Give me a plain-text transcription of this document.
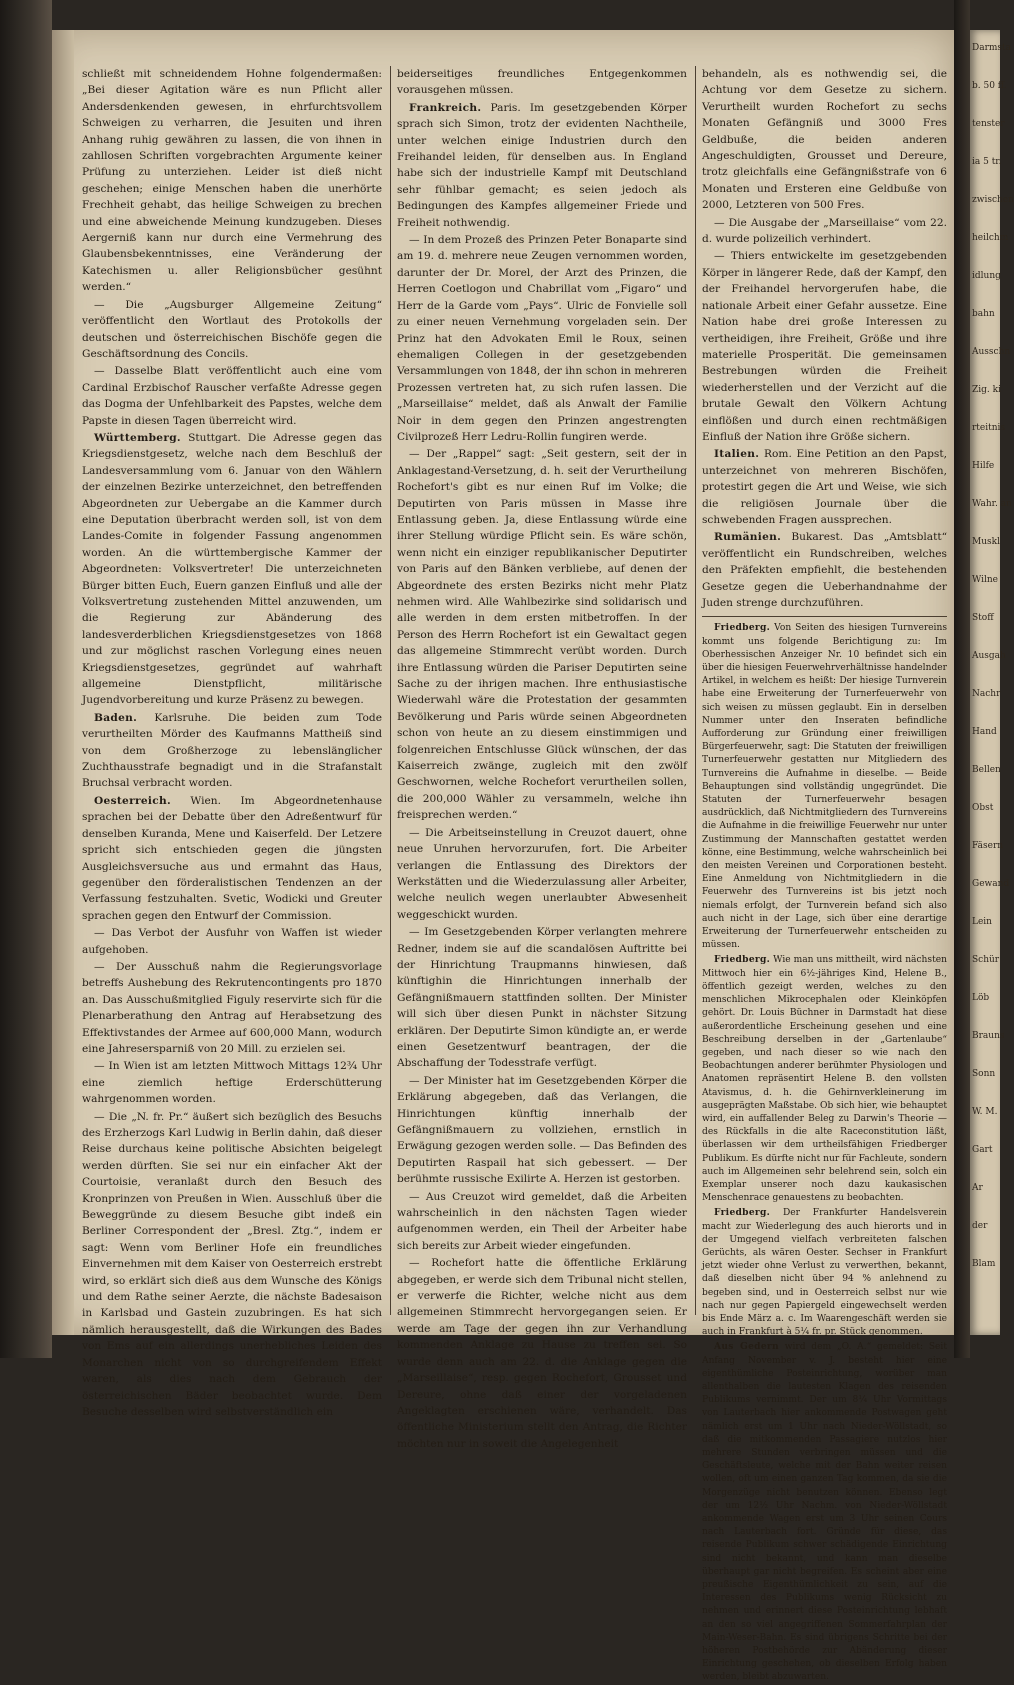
Darmsta
b. 50 ff.
tenster
ia 5 tr.
zwischen
heilchm
idlung
bahn
Ausschn
Zig. ki
rteitnis
Hilfe
Wahr. an
Muskl
Wilne
Stoff
Ausgah
Nachr
Hand
Bellen
Obst
Fäsern
Gewand
Lein
Schür
Löb
Brauns
Sonn
W. M.
Gart
Ar
der
Blam

schließt mit schneidendem Hohne folgendermaßen: „Bei dieser Agitation wäre es nun Pflicht aller Andersdenkenden gewesen, in ehrfurchtsvollem Schweigen zu verharren, die Jesuiten und ihren Anhang ruhig gewähren zu lassen, die von ihnen in zahllosen Schriften vorgebrachten Argumente keiner Prüfung zu unterziehen. Leider ist dieß nicht geschehen; einige Menschen haben die unerhörte Frechheit gehabt, das heilige Schweigen zu brechen und eine abweichende Meinung kundzugeben. Dieses Aergerniß kann nur durch eine Vermehrung des Glaubensbekenntnisses, eine Veränderung der Katechismen u. aller Religionsbücher gesühnt werden.“

— Die „Augsburger Allgemeine Zeitung“ veröffentlicht den Wortlaut des Protokolls der deutschen und österreichischen Bischöfe gegen die Geschäftsordnung des Concils.

— Dasselbe Blatt veröffentlicht auch eine vom Cardinal Erzbischof Rauscher verfaßte Adresse gegen das Dogma der Unfehlbarkeit des Papstes, welche dem Papste in diesen Tagen überreicht wird.

Württemberg. Stuttgart. Die Adresse gegen das Kriegsdienstgesetz, welche nach dem Beschluß der Landesversammlung vom 6. Januar von den Wählern der einzelnen Bezirke unterzeichnet, den betreffenden Abgeordneten zur Uebergabe an die Kammer durch eine Deputation überbracht werden soll, ist von dem Landes-Comite in folgender Fassung angenommen worden. An die württembergische Kammer der Abgeordneten: Volksvertreter! Die unterzeichneten Bürger bitten Euch, Euern ganzen Einfluß und alle der Volksvertretung zustehenden Mittel anzuwenden, um die Regierung zur Abänderung des landesverderblichen Kriegsdienstgesetzes von 1868 und zur möglichst raschen Vorlegung eines neuen Kriegsdienstgesetzes, gegründet auf wahrhaft allgemeine Dienstpflicht, militärische Jugendvorbereitung und kurze Präsenz zu bewegen.

Baden. Karlsruhe. Die beiden zum Tode verurtheilten Mörder des Kaufmanns Mattheiß sind von dem Großherzoge zu lebenslänglicher Zuchthausstrafe begnadigt und in die Strafanstalt Bruchsal verbracht worden.

Oesterreich. Wien. Im Abgeordnetenhause sprachen bei der Debatte über den Adreßentwurf für denselben Kuranda, Mene und Kaiserfeld. Der Letzere spricht sich entschieden gegen die jüngsten Ausgleichsversuche aus und ermahnt das Haus, gegenüber den förderalistischen Tendenzen an der Verfassung festzuhalten. Svetic, Wodicki und Greuter sprachen gegen den Entwurf der Commission.

— Das Verbot der Ausfuhr von Waffen ist wieder aufgehoben.

— Der Ausschuß nahm die Regierungsvorlage betreffs Aushebung des Rekrutencontingents pro 1870 an. Das Ausschußmitglied Figuly reservirte sich für die Plenarberathung den Antrag auf Herabsetzung des Effektivstandes der Armee auf 600,000 Mann, wodurch eine Jahresersparniß von 20 Mill. zu erzielen sei.

— In Wien ist am letzten Mittwoch Mittags 12¾ Uhr eine ziemlich heftige Erderschütterung wahrgenommen worden.

— Die „N. fr. Pr.“ äußert sich bezüglich des Besuchs des Erzherzogs Karl Ludwig in Berlin dahin, daß dieser Reise durchaus keine politische Absichten beigelegt werden dürften. Sie sei nur ein einfacher Akt der Courtoisie, veranlaßt durch den Besuch des Kronprinzen von Preußen in Wien. Ausschluß über die Beweggründe zu diesem Besuche gibt indeß ein Berliner Correspondent der „Bresl. Ztg.“, indem er sagt: Wenn vom Berliner Hofe ein freundliches Einvernehmen mit dem Kaiser von Oesterreich erstrebt wird, so erklärt sich dieß aus dem Wunsche des Königs und dem Rathe seiner Aerzte, die nächste Badesaison in Karlsbad und Gastein zuzubringen. Es hat sich nämlich herausgestellt, daß die Wirkungen des Bades von Ems auf ein allerdings unerhebliches Leiden des Monarchen nicht von so durchgreifendem Effekt waren, als dies nach dem Gebrauch der österreichischen Bäder beobachtet wurde. Dem Besuche desselben wird selbstverständlich ein

beiderseitiges freundliches Entgegenkommen vorausgehen müssen.

Frankreich. Paris. Im gesetzgebenden Körper sprach sich Simon, trotz der evidenten Nachtheile, unter welchen einige Industrien durch den Freihandel leiden, für denselben aus. In England habe sich der industrielle Kampf mit Deutschland sehr fühlbar gemacht; es seien jedoch als Bedingungen des Kampfes allgemeiner Friede und Freiheit nothwendig.

— In dem Prozeß des Prinzen Peter Bonaparte sind am 19. d. mehrere neue Zeugen vernommen worden, darunter der Dr. Morel, der Arzt des Prinzen, die Herren Coetlogon und Chabrillat vom „Figaro“ und Herr de la Garde vom „Pays“. Ulric de Fonvielle soll zu einer neuen Vernehmung vorgeladen sein. Der Prinz hat den Advokaten Emil le Roux, seinen ehemaligen Collegen in der gesetzgebenden Versammlungen von 1848, der ihn schon in mehreren Prozessen vertreten hat, zu sich rufen lassen. Die „Marseillaise“ meldet, daß als Anwalt der Familie Noir in dem gegen den Prinzen angestrengten Civilprozeß Herr Ledru-Rollin fungiren werde.

— Der „Rappel“ sagt: „Seit gestern, seit der in Anklagestand-Versetzung, d. h. seit der Verurtheilung Rochefort's gibt es nur einen Ruf im Volke; die Deputirten von Paris müssen in Masse ihre Entlassung geben. Ja, diese Entlassung würde eine ihrer Stellung würdige Pflicht sein. Es wäre schön, wenn nicht ein einziger republikanischer Deputirter von Paris auf den Bänken verbliebe, auf denen der Abgeordnete des ersten Bezirks nicht mehr Platz nehmen wird. Alle Wahlbezirke sind solidarisch und alle werden in dem ersten mitbetroffen. In der Person des Herrn Rochefort ist ein Gewaltact gegen das allgemeine Stimmrecht verübt worden. Durch ihre Entlassung würden die Pariser Deputirten seine Sache zu der ihrigen machen. Ihre enthusiastische Wiederwahl wäre die Protestation der gesammten Bevölkerung und Paris würde seinen Abgeordneten schon von heute an zu diesem einstimmigen und folgenreichen Entschlusse Glück wünschen, der das Kaiserreich zwänge, zugleich mit den zwölf Geschwornen, welche Rochefort verurtheilen sollen, die 200,000 Wähler zu versammeln, welche ihn freisprechen werden.“

— Die Arbeitseinstellung in Creuzot dauert, ohne neue Unruhen hervorzurufen, fort. Die Arbeiter verlangen die Entlassung des Direktors der Werkstätten und die Wiederzulassung aller Arbeiter, welche neulich wegen unerlaubter Abwesenheit weggeschickt wurden.

— Im Gesetzgebenden Körper verlangten mehrere Redner, indem sie auf die scandalösen Auftritte bei der Hinrichtung Traupmanns hinwiesen, daß künftighin die Hinrichtungen innerhalb der Gefängnißmauern stattfinden sollten. Der Minister will sich über diesen Punkt in nächster Sitzung erklären. Der Deputirte Simon kündigte an, er werde einen Gesetzentwurf beantragen, der die Abschaffung der Todesstrafe verfügt.

— Der Minister hat im Gesetzgebenden Körper die Erklärung abgegeben, daß das Verlangen, die Hinrichtungen künftig innerhalb der Gefängnißmauern zu vollziehen, ernstlich in Erwägung gezogen werden solle. — Das Befinden des Deputirten Raspail hat sich gebessert. — Der berühmte russische Exilirte A. Herzen ist gestorben.

— Aus Creuzot wird gemeldet, daß die Arbeiten wahrscheinlich in den nächsten Tagen wieder aufgenommen werden, ein Theil der Arbeiter habe sich bereits zur Arbeit wieder eingefunden.

— Rochefort hatte die öffentliche Erklärung abgegeben, er werde sich dem Tribunal nicht stellen, er verwerfe die Richter, welche nicht aus dem allgemeinen Stimmrecht hervorgegangen seien. Er werde am Tage der gegen ihn zur Verhandlung kommenden Anklage zu Hause zu treffen sei. So wurde denn auch am 22. d. die Anklage gegen die „Marseillaise“, resp. gegen Rochefort, Grousset und Dereure, ohne daß einer der vorgeladenen Angeklagten erschienen wäre, verhandelt. Das öffentliche Ministerium stellt den Antrag, die Richter möchten nur in soweit die Angelegenheit

behandeln, als es nothwendig sei, die Achtung vor dem Gesetze zu sichern. Verurtheilt wurden Rochefort zu sechs Monaten Gefängniß und 3000 Fres Geldbuße, die beiden anderen Angeschuldigten, Grousset und Dereure, trotz gleichfalls eine Gefängnißstrafe von 6 Monaten und Ersteren eine Geldbuße von 2000, Letzteren von 500 Fres.

— Die Ausgabe der „Marseillaise“ vom 22. d. wurde polizeilich verhindert.

— Thiers entwickelte im gesetzgebenden Körper in längerer Rede, daß der Kampf, den der Freihandel hervorgerufen habe, die nationale Arbeit einer Gefahr aussetze. Eine Nation habe drei große Interessen zu vertheidigen, ihre Freiheit, Größe und ihre materielle Prosperität. Die gemeinsamen Bestrebungen würden die Freiheit wiederherstellen und der Verzicht auf die brutale Gewalt den Völkern Achtung einflößen und durch einen rechtmäßigen Einfluß der Nation ihre Größe sichern.

Italien. Rom. Eine Petition an den Papst, unterzeichnet von mehreren Bischöfen, protestirt gegen die Art und Weise, wie sich die religiösen Journale über die schwebenden Fragen aussprechen.

Rumänien. Bukarest. Das „Amtsblatt“ veröffentlicht ein Rundschreiben, welches den Präfekten empfiehlt, die bestehenden Gesetze gegen die Ueberhandnahme der Juden strenge durchzuführen.

Friedberg. Von Seiten des hiesigen Turnvereins kommt uns folgende Berichtigung zu: Im Oberhessischen Anzeiger Nr. 10 befindet sich ein über die hiesigen Feuerwehrverhältnisse handelnder Artikel, in welchem es heißt: Der hiesige Turnverein habe eine Erweiterung der Turnerfeuerwehr von sich weisen zu müssen geglaubt. Ein in derselben Nummer unter den Inseraten befindliche Aufforderung zur Gründung einer freiwilligen Bürgerfeuerwehr, sagt: Die Statuten der freiwilligen Turnerfeuerwehr gestatten nur Mitgliedern des Turnvereins die Aufnahme in dieselbe. — Beide Behauptungen sind vollständig ungegründet. Die Statuten der Turnerfeuerwehr besagen ausdrücklich, daß Nichtmitgliedern des Turnvereins die Aufnahme in die freiwillige Feuerwehr nur unter Zustimmung der Mannschaften gestattet werden könne, eine Bestimmung, welche wahrscheinlich bei den meisten Vereinen und Corporationen besteht. Eine Anmeldung von Nichtmitgliedern in die Feuerwehr des Turnvereins ist bis jetzt noch niemals erfolgt, der Turnverein befand sich also auch nicht in der Lage, sich über eine derartige Erweiterung der Turnerfeuerwehr entscheiden zu müssen.

Friedberg. Wie man uns mittheilt, wird nächsten Mittwoch hier ein 6½-jähriges Kind, Helene B., öffentlich gezeigt werden, welches zu den menschlichen Mikrocephalen oder Kleinköpfen gehört. Dr. Louis Büchner in Darmstadt hat diese außerordentliche Erscheinung gesehen und eine Beschreibung derselben in der „Gartenlaube“ gegeben, und nach dieser so wie nach den Beobachtungen anderer berühmter Physiologen und Anatomen repräsentirt Helene B. den vollsten Atavismus, d. h. die Gehirnverkleinerung im ausgeprägten Maßstabe. Ob sich hier, wie behauptet wird, ein auffallender Beleg zu Darwin's Theorie — des Rückfalls in die alte Raceconstitution läßt, überlassen wir dem urtheilsfähigen Friedberger Publikum. Es dürfte nicht nur für Fachleute, sondern auch im Allgemeinen sehr belehrend sein, solch ein Exemplar unserer noch dazu kaukasischen Menschenrace genauestens zu beobachten.

Friedberg. Der Frankfurter Handelsverein macht zur Wiederlegung des auch hierorts und in der Umgegend vielfach verbreiteten falschen Gerüchts, als wären Oester. Sechser in Frankfurt jetzt wieder ohne Verlust zu verwerthen, bekannt, daß dieselben nicht über 94 % anlehnend zu begeben sind, und in Oesterreich selbst nur wie nach nur gegen Papiergeld eingewechselt werden bis Ende März a. c. Im Waarengeschäft werden sie auch in Frankfurt à 5¼ fr. pr. Stück genommen.

Aus Gedern wird dem „O. A.“ gemeldet: Seit Anfang November v. J. besteht hier eine eigenthümliche Posteinrichtung, worüber man allenthalben die lautesten Klagen des reisenden Publikums vernimmt. Der um 8¼ Uhr Vormittags von Lauterbach hier ankommende Postwagen geht nämlich erst um 1 Uhr nach Nieder-Wöllstadt, so daß die mitkommenden Passagiere nutzlos hier mehrere Stunden verbringen müssen und die Geschäftsleute, welche mit der Bahn weiter reisen wollen, oft um einen ganzen Tag kommen, da sie die Morgenzüge nicht benutzen können. Ebenso legt der um 12½ Uhr Nachm. von Nieder-Wöllstadt ankommende Wagen erst um 3 Uhr seinen Cours nach Lauterbach fort. Gründe für diese, das reisende Publikum schwer schädigende Einrichtung sind nicht bekannt, und kann man dieselbe überhaupt gar nicht begreifen. Es scheint aber eine preußische Eigenthümlichkeit zu sein, auf die Interessen des Publikums wenig Rücksicht zu nehmen und erinnert diese Posteinrichtung lebhaft an den so viel angegriffenen Sommerfahrplan der Main-Weser-Bahn. Es sind übrigens Schritte bei der höheren Postbehörde zur Abänderung dieser Einrichtung geschehen, ob dieselben Erfolg haben werden, bleibt abzuwarten.
